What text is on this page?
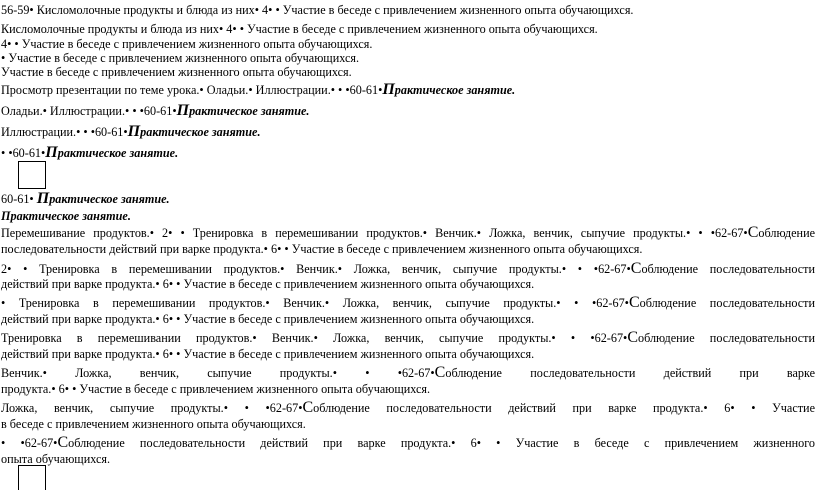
56-59• Кисломолочные продукты и блюда из них• 4• • Участие в беседе с привлечением жизненного опыта обучающихся.
Кисломолочные продукты и блюда из них• 4• • Участие в беседе с привлечением жизненного опыта обучающихся.
4• • Участие в беседе с привлечением жизненного опыта обучающихся.
• Участие в беседе с привлечением жизненного опыта обучающихся.
Участие в беседе с привлечением жизненного опыта обучающихся.
Просмотр презентации по теме урока.• Оладьи.• Иллюстрации.• • •60-61•Практическое занятие.
Оладьи.• Иллюстрации.• • •60-61•Практическое занятие.
Иллюстрации.• • •60-61•Практическое занятие.
• •60-61•Практическое занятие.
60-61• Практическое занятие.
Практическое занятие.
Перемешивание продуктов.• 2• • Тренировка в перемешивании продуктов.• Венчик.• Ложка, венчик, сыпучие продукты.• • •62-67•Соблюдение
последовательности действий при варке продукта.• 6• • Участие в беседе с привлечением жизненного опыта обучающихся.
2• • Тренировка в перемешивании продуктов.• Венчик.• Ложка, венчик, сыпучие продукты.• • •62-67•Соблюдение последовательности
действий при варке продукта.• 6• • Участие в беседе с привлечением жизненного опыта обучающихся.
• Тренировка в перемешивании продуктов.• Венчик.• Ложка, венчик, сыпучие продукты.• • •62-67•Соблюдение последовательности
действий при варке продукта.• 6• • Участие в беседе с привлечением жизненного опыта обучающихся.
Тренировка в перемешивании продуктов.• Венчик.• Ложка, венчик, сыпучие продукты.• • •62-67•Соблюдение последовательности
действий при варке продукта.• 6• • Участие в беседе с привлечением жизненного опыта обучающихся.
Венчик.• Ложка, венчик, сыпучие продукты.• • •62-67•Соблюдение последовательности действий при варке
продукта.• 6• • Участие в беседе с привлечением жизненного опыта обучающихся.
Ложка, венчик, сыпучие продукты.• • •62-67•Соблюдение последовательности действий при варке продукта.• 6• • Участие
в беседе с привлечением жизненного опыта обучающихся.
• •62-67•Соблюдение последовательности действий при варке продукта.• 6• • Участие в беседе с привлечением жизненного
опыта обучающихся.
